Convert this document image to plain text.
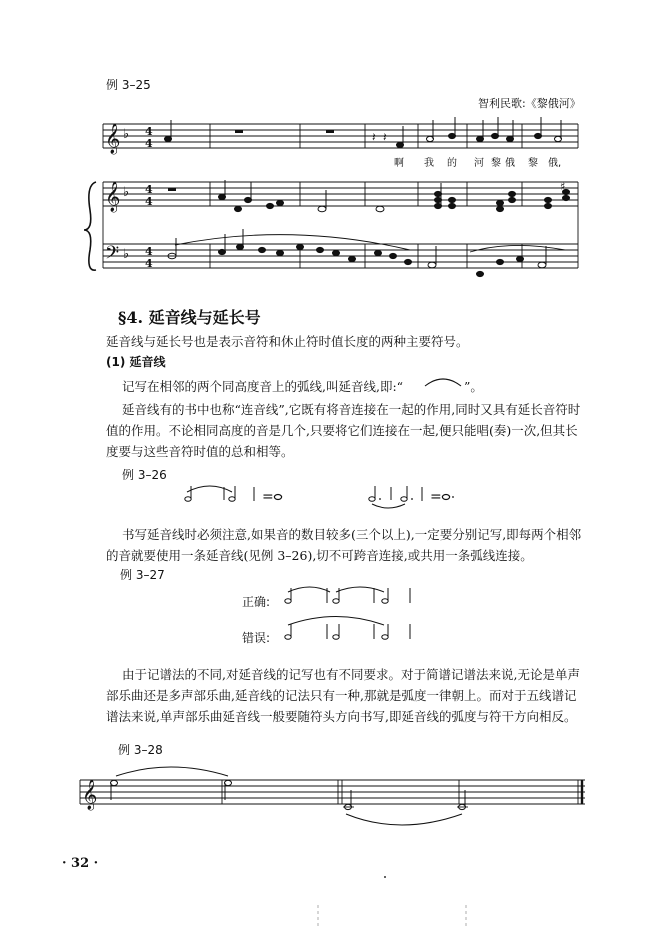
例 3–25
智利民歌:《黎俄河》
𝄞 ♭ 4
4	𝄽 𝄽
啊 我 的 河 黎 俄 黎 俄,
𝄞 ♭ 4
4
♯
𝄢 ♭ 4
4
=	=
𝄞
§4. 延音线与延长号
延音线与延长号也是表示音符和休止符时值长度的两种主要符号。
(1) 延音线
记写在相邻的两个同高度音上的弧线,叫延音线,即:“	”。
延音线有的书中也称“连音线”,它既有将音连接在一起的作用,同时又具有延长音符时值的作用。不论相同高度的音是几个,只要将它们连接在一起,便只能唱(奏)一次,但其长度要与这些音符时值的总和相等。
例 3–26
书写延音线时必须注意,如果音的数目较多(三个以上),一定要分别记写,即每两个相邻的音就要使用一条延音线(见例 3–26),切不可跨音连接,或共用一条弧线连接。
例 3–27
正确:
错误:
由于记谱法的不同,对延音线的记写也有不同要求。对于简谱记谱法来说,无论是单声部乐曲还是多声部乐曲,延音线的记法只有一种,那就是弧度一律朝上。而对于五线谱记谱法来说,单声部乐曲延音线一般要随符头方向书写,即延音线的弧度与符干方向相反。
例 3–28
· 32 ·
